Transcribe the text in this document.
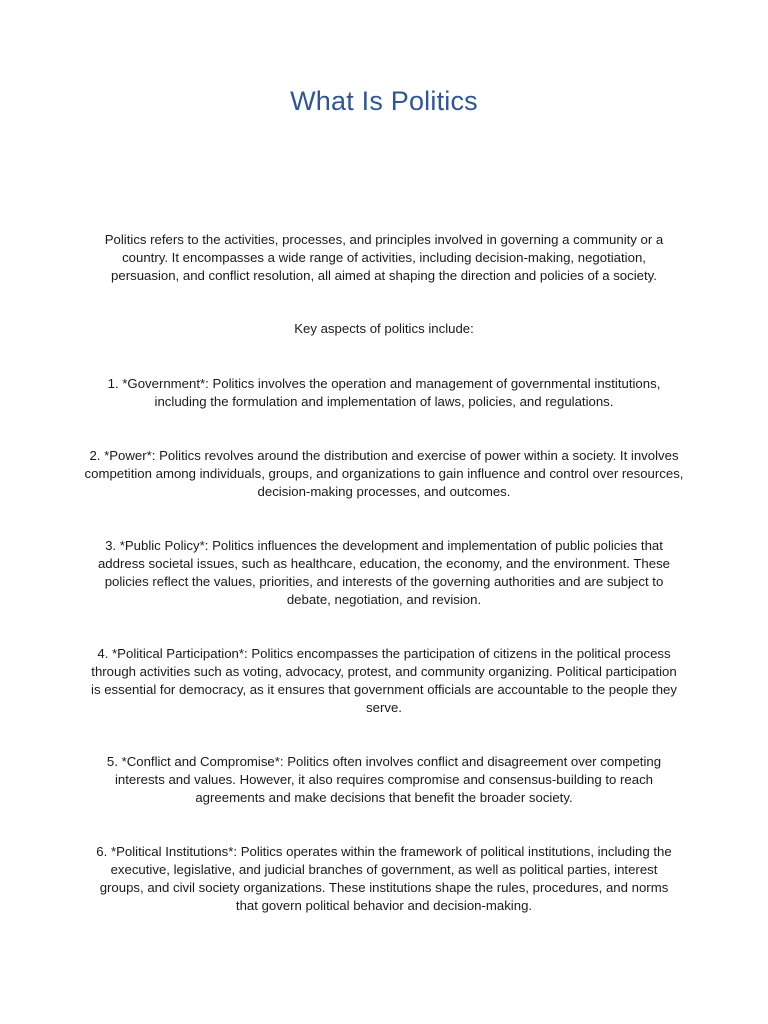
What Is Politics

Politics refers to the activities, processes, and principles involved in governing a community or a country. It encompasses a wide range of activities, including decision-making, negotiation, persuasion, and conflict resolution, all aimed at shaping the direction and policies of a society.

Key aspects of politics include:

1. *Government*: Politics involves the operation and management of governmental institutions, including the formulation and implementation of laws, policies, and regulations.

2. *Power*: Politics revolves around the distribution and exercise of power within a society. It involves competition among individuals, groups, and organizations to gain influence and control over resources, decision-making processes, and outcomes.

3. *Public Policy*: Politics influences the development and implementation of public policies that address societal issues, such as healthcare, education, the economy, and the environment. These policies reflect the values, priorities, and interests of the governing authorities and are subject to debate, negotiation, and revision.

4. *Political Participation*: Politics encompasses the participation of citizens in the political process through activities such as voting, advocacy, protest, and community organizing. Political participation is essential for democracy, as it ensures that government officials are accountable to the people they serve.

5. *Conflict and Compromise*: Politics often involves conflict and disagreement over competing interests and values. However, it also requires compromise and consensus-building to reach agreements and make decisions that benefit the broader society.

6. *Political Institutions*: Politics operates within the framework of political institutions, including the executive, legislative, and judicial branches of government, as well as political parties, interest groups, and civil society organizations. These institutions shape the rules, procedures, and norms that govern political behavior and decision-making.
